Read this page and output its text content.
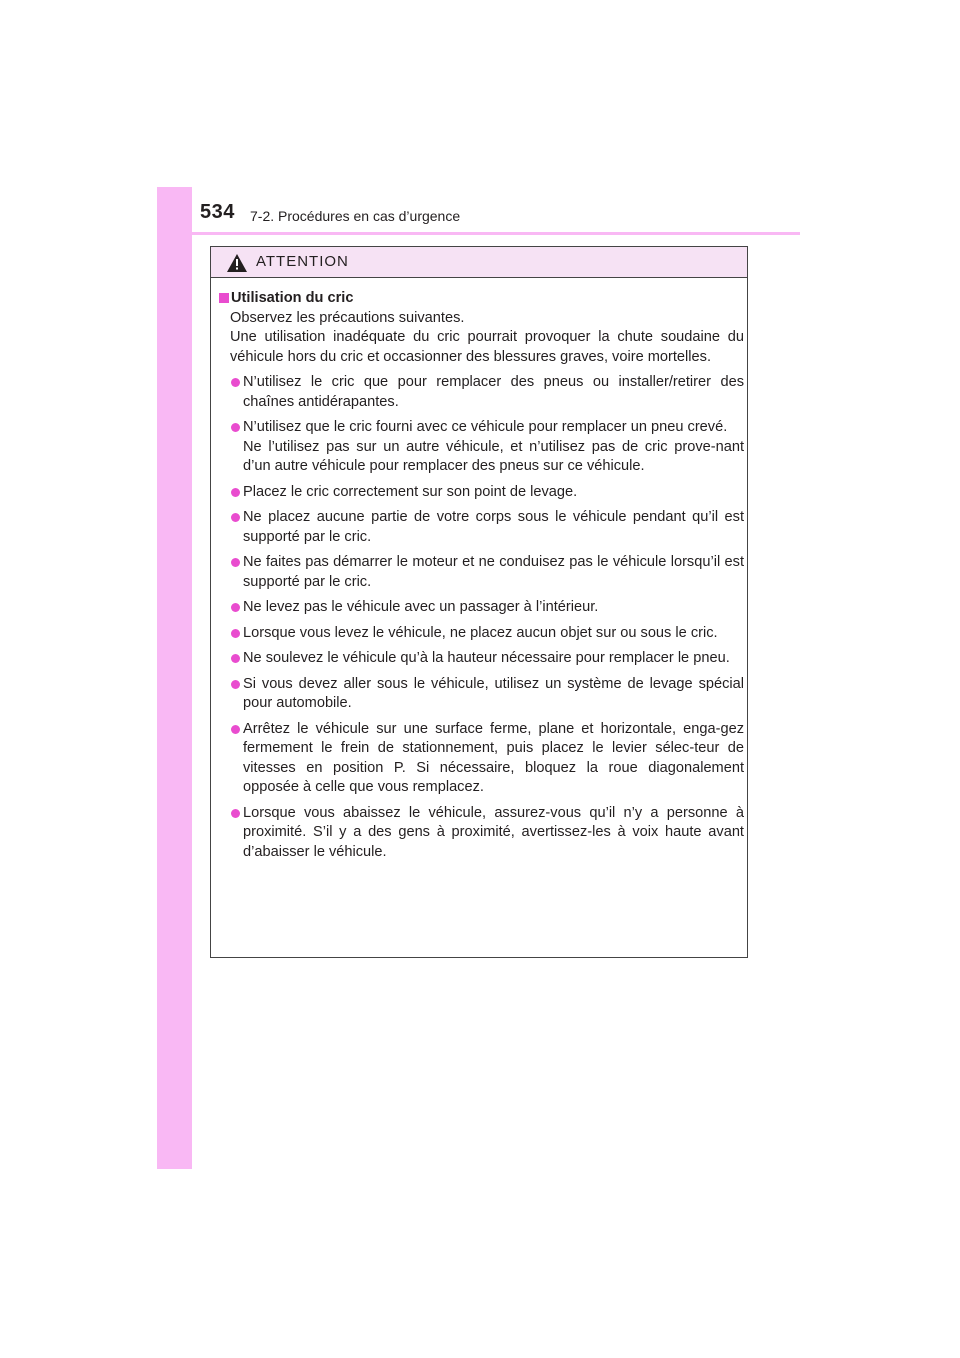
534 7-2. Procédures en cas d’urgence
ATTENTION
Utilisation du cric

Observez les précautions suivantes.

Une utilisation inadéquate du cric pourrait provoquer la chute soudaine du véhicule hors du cric et occasionner des blessures graves, voire mortelles.

N’utilisez le cric que pour remplacer des pneus ou installer/retirer des chaînes antidérapantes.

N’utilisez que le cric fourni avec ce véhicule pour remplacer un pneu crevé.

Ne l’utilisez pas sur un autre véhicule, et n’utilisez pas de cric prove-nant d’un autre véhicule pour remplacer des pneus sur ce véhicule.

Placez le cric correctement sur son point de levage.

Ne placez aucune partie de votre corps sous le véhicule pendant qu’il est supporté par le cric.

Ne faites pas démarrer le moteur et ne conduisez pas le véhicule lorsqu’il est supporté par le cric.

Ne levez pas le véhicule avec un passager à l’intérieur.

Lorsque vous levez le véhicule, ne placez aucun objet sur ou sous le cric.

Ne soulevez le véhicule qu’à la hauteur nécessaire pour remplacer le pneu.

Si vous devez aller sous le véhicule, utilisez un système de levage spécial pour automobile.

Arrêtez le véhicule sur une surface ferme, plane et horizontale, enga-gez fermement le frein de stationnement, puis placez le levier sélec-teur de vitesses en position P. Si nécessaire, bloquez la roue diagonalement opposée à celle que vous remplacez.

Lorsque vous abaissez le véhicule, assurez-vous qu’il n’y a personne à proximité. S’il y a des gens à proximité, avertissez-les à voix haute avant d’abaisser le véhicule.
